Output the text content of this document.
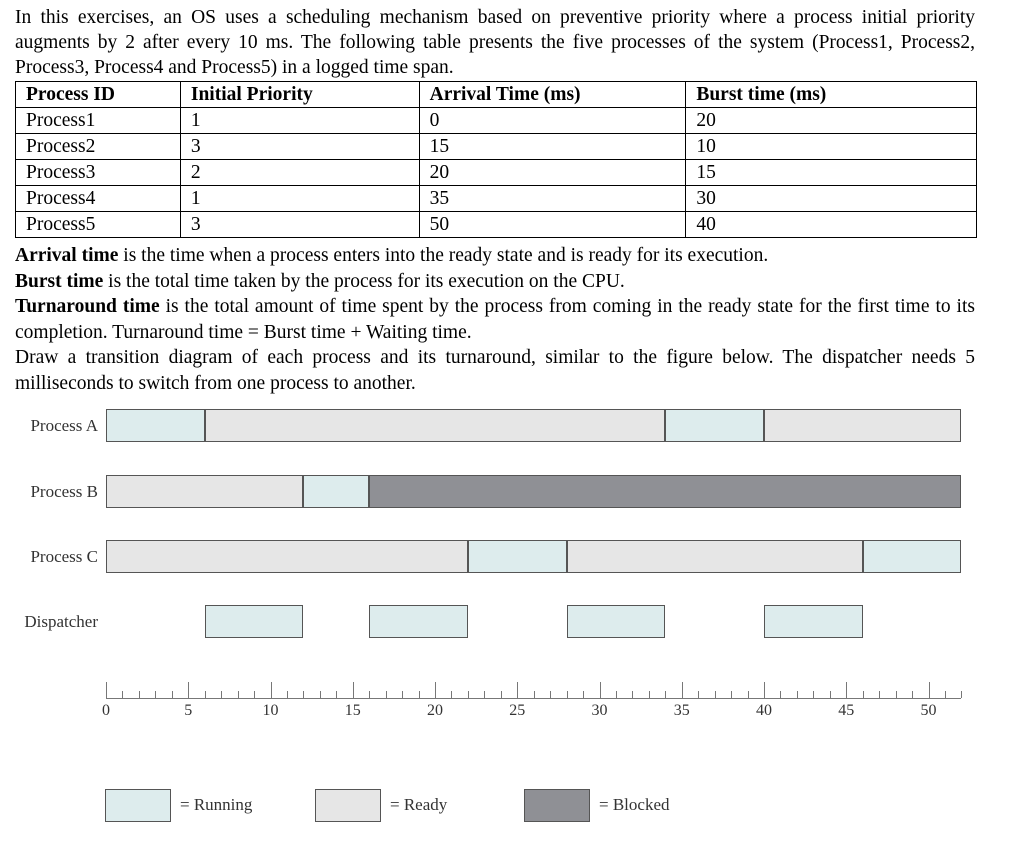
In this exercises, an OS uses a scheduling mechanism based on preventive priority where a process initial priority augments by 2 after every 10 ms. The following table presents the five processes of the system (Process1, Process2, Process3, Process4 and Process5) in a logged time span.
Process ID	Initial Priority	Arrival Time (ms)	Burst time (ms)
Process1	1	0	20
Process2	3	15	10
Process3	2	20	15
Process4	1	35	30
Process5	3	50	40

Arrival time is the time when a process enters into the ready state and is ready for its execution.

Burst time is the total time taken by the process for its execution on the CPU.

Turnaround time is the total amount of time spent by the process from coming in the ready state for the first time to its completion. Turnaround time = Burst time + Waiting time.

Draw a transition diagram of each process and its turnaround, similar to the figure below. The dispatcher needs 5 milliseconds to switch from one process to another.

Process A
Process B
Process C
Dispatcher
0	5	10	15	20	25	30	35	40	45	50
= Running	= Ready	= Blocked
